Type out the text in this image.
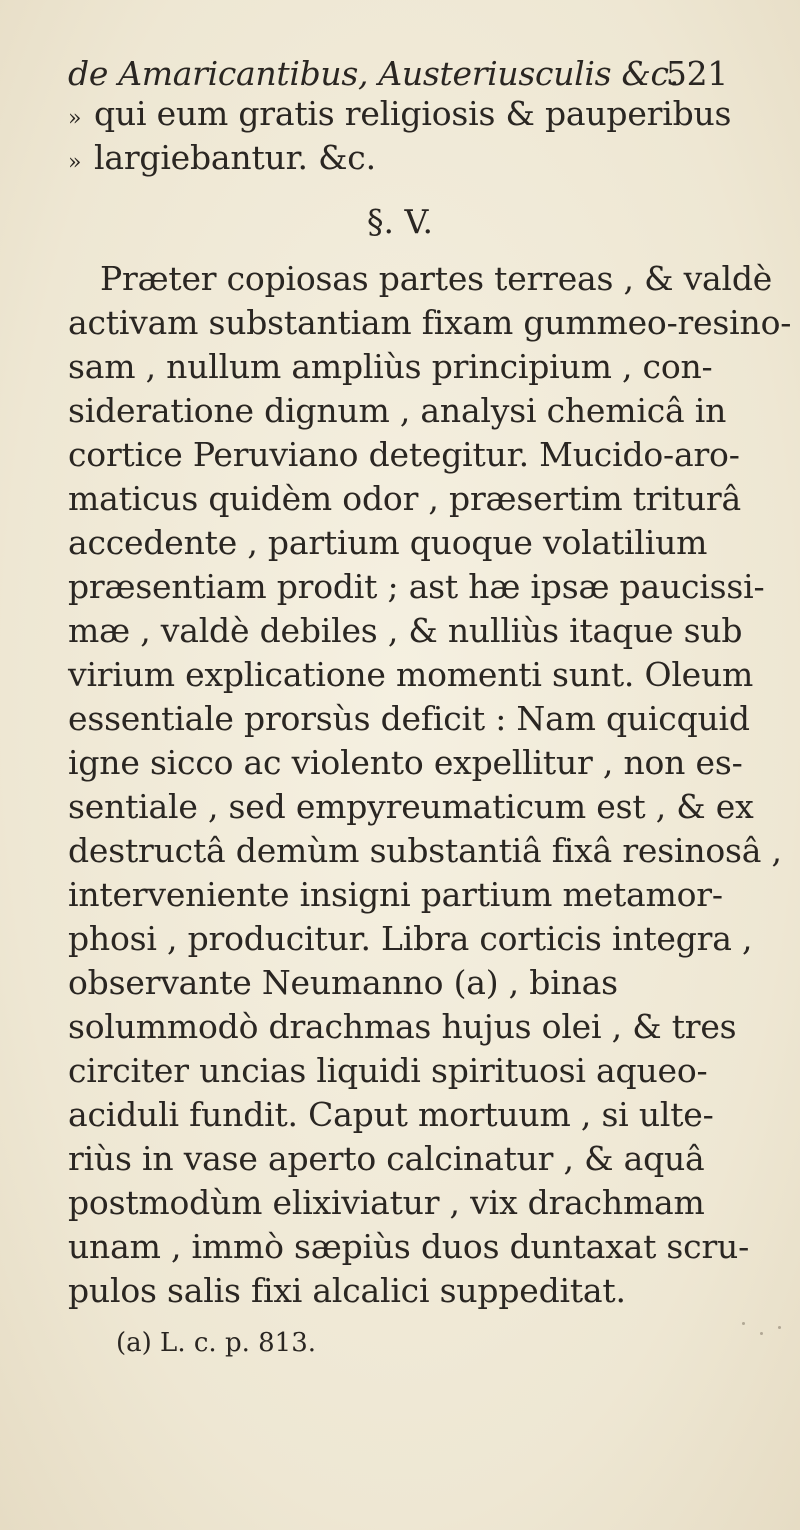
de Amaricantibus, Austeriusculis &c.
521
» qui eum gratis religiosis & pauperibus
» largiebantur. &c.
§. V.
Præter copiosas partes terreas , & valdè
activam substantiam fixam gummeo-resino-
sam , nullum ampliùs principium , con-
sideratione dignum , analysi chemicâ in
cortice Peruviano detegitur. Mucido-aro-
maticus quidèm odor , præsertim triturâ
accedente , partium quoque volatilium
præsentiam prodit ; ast hæ ipsæ paucissi-
mæ , valdè debiles , & nulliùs itaque sub
virium explicatione momenti sunt. Oleum
essentiale prorsùs deficit : Nam quicquid
igne sicco ac violento expellitur , non es-
sentiale , sed empyreumaticum est , & ex
destructâ demùm substantiâ fixâ resinosâ ,
interveniente insigni partium metamor-
phosi , producitur. Libra corticis integra ,
observante Neumanno (a) , binas
solummodò drachmas hujus olei , & tres
circiter uncias liquidi spirituosi aqueo-
aciduli fundit. Caput mortuum , si ulte-
riùs in vase aperto calcinatur , & aquâ
postmodùm elixiviatur , vix drachmam
unam , immò sæpiùs duos duntaxat scru-
pulos salis fixi alcalici suppeditat.
(a) L. c. p. 813.
